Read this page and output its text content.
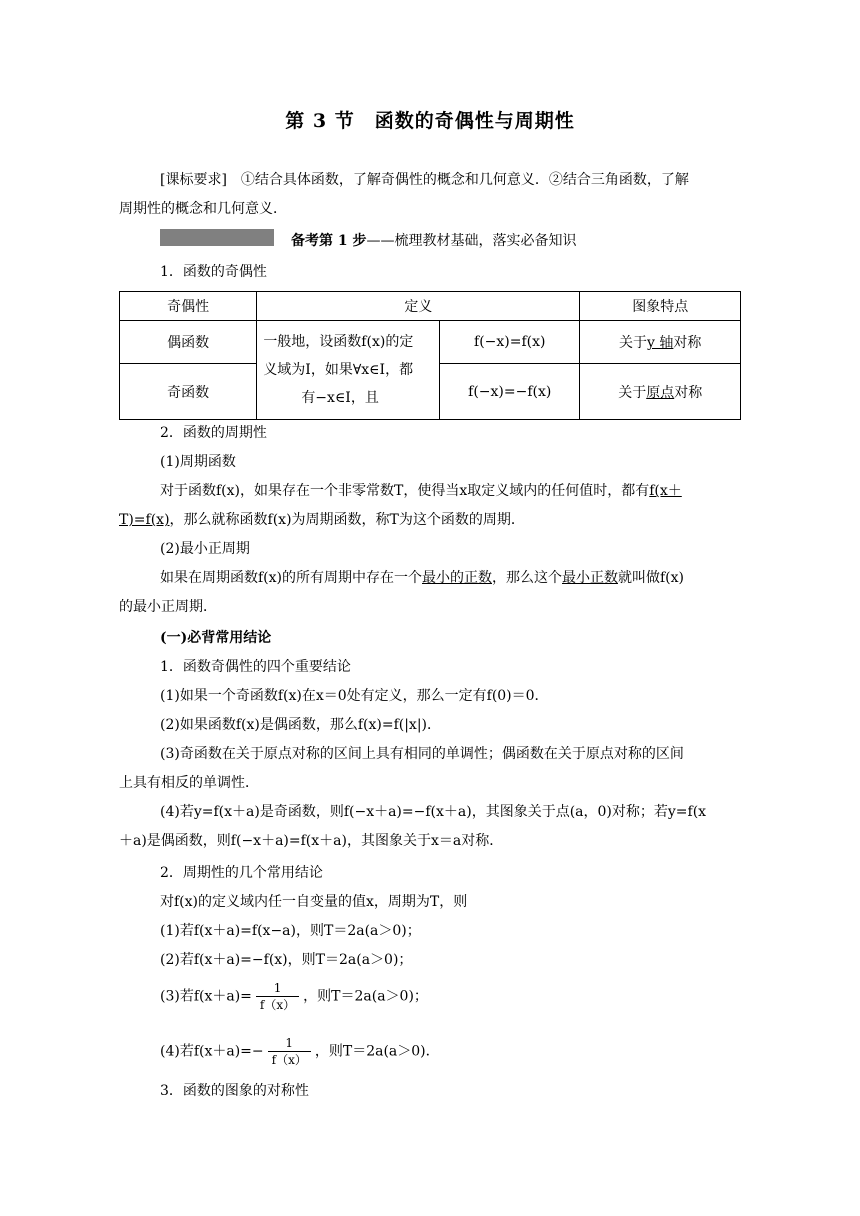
第 3 节　函数的奇偶性与周期性
[课标要求]　①结合具体函数，了解奇偶性的概念和几何意义．②结合三角函数，了解
周期性的概念和几何意义．
备考第 1 步——梳理教材基础，落实必备知识
1．函数的奇偶性
奇偶性	定义		图象特点
偶函数	一般地，设函数f(x)的定
义域为I，如果∀x∈I，都
有−x∈I，且	f(−x)=f(x)	关于y 轴对称
奇函数		f(−x)=−f(x)	关于原点对称
2．函数的周期性
(1)周期函数
对于函数f(x)，如果存在一个非零常数T，使得当x取定义域内的任何值时，都有f(x＋
T)=f(x)，那么就称函数f(x)为周期函数，称T为这个函数的周期．
(2)最小正周期
如果在周期函数f(x)的所有周期中存在一个最小的正数，那么这个最小正数就叫做f(x)
的最小正周期．
(一)必背常用结论
1．函数奇偶性的四个重要结论
(1)如果一个奇函数f(x)在x＝0处有定义，那么一定有f(0)＝0．
(2)如果函数f(x)是偶函数，那么f(x)=f(|x|)．
(3)奇函数在关于原点对称的区间上具有相同的单调性；偶函数在关于原点对称的区间
上具有相反的单调性．
(4)若y=f(x＋a)是奇函数，则f(−x＋a)=−f(x＋a)，其图象关于点(a，0)对称；若y=f(x
＋a)是偶函数，则f(−x＋a)=f(x＋a)，其图象关于x＝a对称．
2．周期性的几个常用结论
对f(x)的定义域内任一自变量的值x，周期为T，则
(1)若f(x＋a)=f(x−a)，则T＝2a(a＞0)；
(2)若f(x＋a)=−f(x)，则T＝2a(a＞0)；
(3)若$f(x+a)= \frac{1}{f(x)}$ ，则T＝2a(a＞0)；
(4)若$f(x+a)=- \frac{1}{f(x)}$ ，则T＝2a(a＞0)．
3．函数的图象的对称性
